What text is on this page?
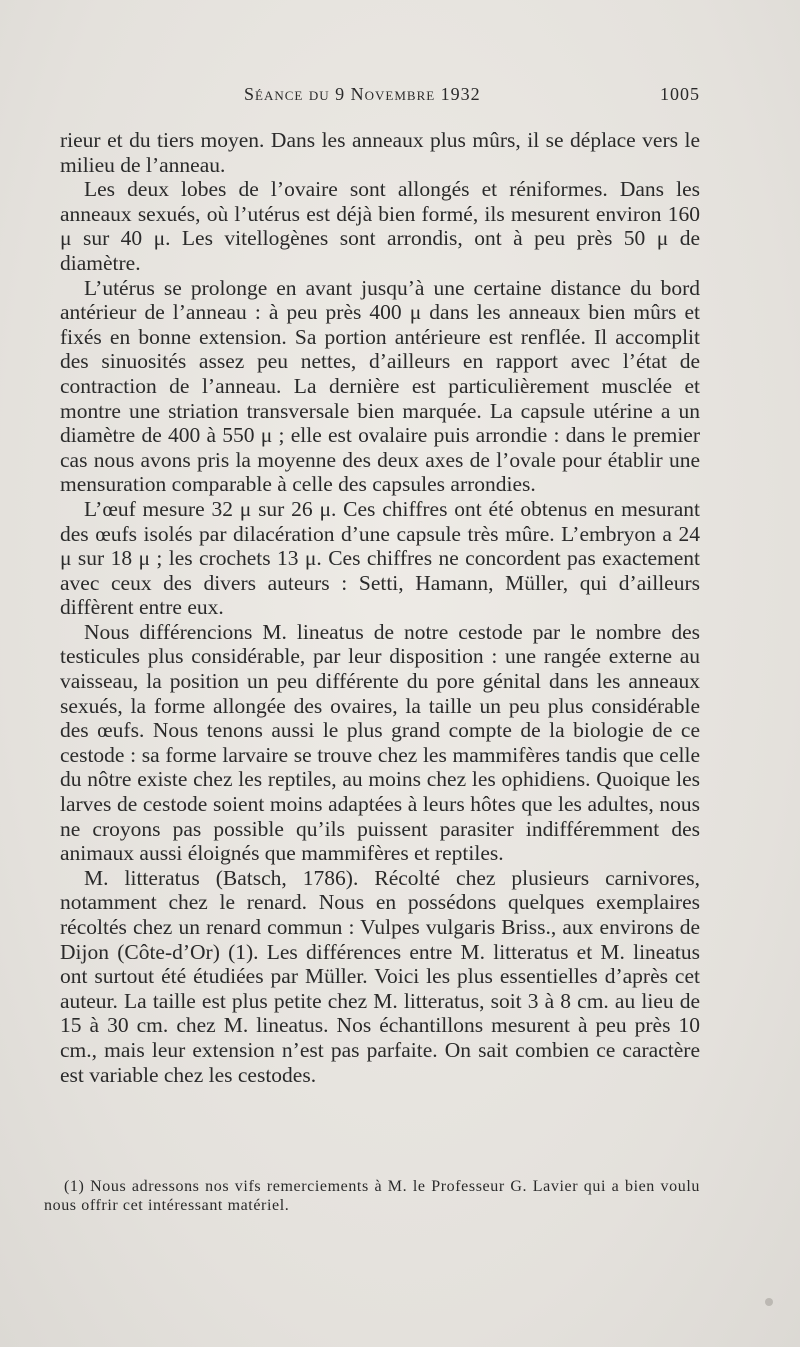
Séance du 9 Novembre 1932	1005

rieur et du tiers moyen. Dans les anneaux plus mûrs, il se déplace vers le milieu de l’anneau.

Les deux lobes de l’ovaire sont allongés et réniformes. Dans les anneaux sexués, où l’utérus est déjà bien formé, ils mesurent environ 160 μ sur 40 μ. Les vitellogènes sont arrondis, ont à peu près 50 μ de diamètre.

L’utérus se prolonge en avant jusqu’à une certaine distance du bord antérieur de l’anneau : à peu près 400 μ dans les anneaux bien mûrs et fixés en bonne extension. Sa portion antérieure est renflée. Il accomplit des sinuosités assez peu nettes, d’ailleurs en rapport avec l’état de contraction de l’anneau. La dernière est particulièrement musclée et montre une striation transversale bien marquée. La capsule utérine a un diamètre de 400 à 550 μ ; elle est ovalaire puis arrondie : dans le premier cas nous avons pris la moyenne des deux axes de l’ovale pour établir une mensuration comparable à celle des capsules arrondies.

L’œuf mesure 32 μ sur 26 μ. Ces chiffres ont été obtenus en mesurant des œufs isolés par dilacération d’une capsule très mûre. L’embryon a 24 μ sur 18 μ ; les crochets 13 μ. Ces chiffres ne concordent pas exactement avec ceux des divers auteurs : Setti, Hamann, Müller, qui d’ailleurs diffèrent entre eux.

Nous différencions M. lineatus de notre cestode par le nombre des testicules plus considérable, par leur disposition : une rangée externe au vaisseau, la position un peu différente du pore génital dans les anneaux sexués, la forme allongée des ovaires, la taille un peu plus considérable des œufs. Nous tenons aussi le plus grand compte de la biologie de ce cestode : sa forme larvaire se trouve chez les mammifères tandis que celle du nôtre existe chez les reptiles, au moins chez les ophidiens. Quoique les larves de cestode soient moins adaptées à leurs hôtes que les adultes, nous ne croyons pas possible qu’ils puissent parasiter indifféremment des animaux aussi éloignés que mammifères et reptiles.

M. litteratus (Batsch, 1786). Récolté chez plusieurs carnivores, notamment chez le renard. Nous en possédons quelques exemplaires récoltés chez un renard commun : Vulpes vulgaris Briss., aux environs de Dijon (Côte-d’Or) (1). Les différences entre M. litteratus et M. lineatus ont surtout été étudiées par Müller. Voici les plus essentielles d’après cet auteur. La taille est plus petite chez M. litteratus, soit 3 à 8 cm. au lieu de 15 à 30 cm. chez M. lineatus. Nos échantillons mesurent à peu près 10 cm., mais leur extension n’est pas parfaite. On sait combien ce caractère est variable chez les cestodes.

(1) Nous adressons nos vifs remerciements à M. le Professeur G. Lavier qui a bien voulu nous offrir cet intéressant matériel.
